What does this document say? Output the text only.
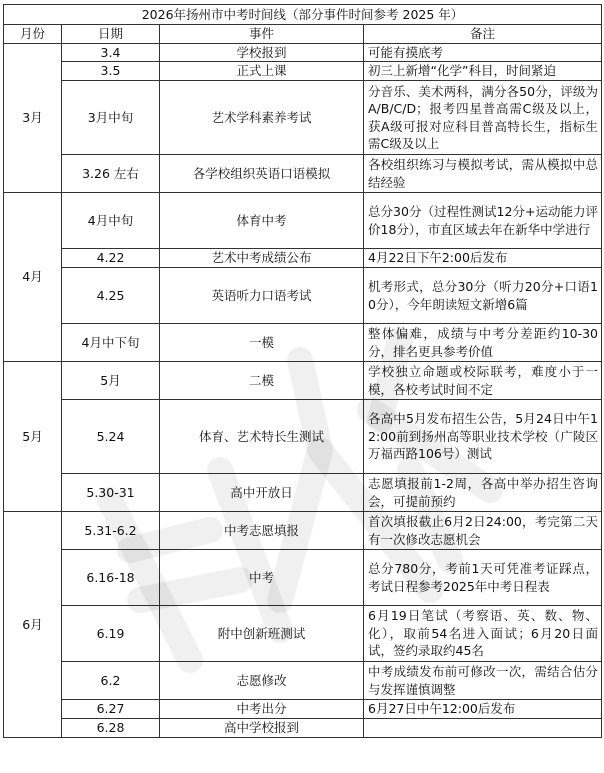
2026年扬州市中考时间线（部分事件时间参考 2025 年）			
月份	日期	事件	备注
3月	3.4	学校报到	可能有摸底考
	3.5	正式上课	初三上新增“化学”科目，时间紧迫
	3月中旬	艺术学科素养考试	分音乐、美术两科，满分各50分，评级为A/B/C/D；报考四星普高需C级及以上，获A级可报对应科目普高特长生，指标生需C级及以上
	3.26 左右	各学校组织英语口语模拟	各校组织练习与模拟考试，需从模拟中总结经验
4月	4月中旬	体育中考	总分30分（过程性测试12分+运动能力评价18分），市直区域去年在新华中学进行
	4.22	艺术中考成绩公布	4月22日下午2:00后发布
	4.25	英语听力口语考试	机考形式，总分30分（听力20分+口语10分），今年朗读短文新增6篇
	4月中下旬	一模	整体偏难，成绩与中考分差距约10-30分，排名更具参考价值
5月	5月	二模	学校独立命题或校际联考，难度小于一模，各校考试时间不定
	5.24	体育、艺术特长生测试	各高中5月发布招生公告，5月24日中午12:00前到扬州高等职业技术学校（广陵区万福西路106号）测试
	5.30-31	高中开放日	志愿填报前1-2周，各高中举办招生咨询会，可提前预约
6月	5.31-6.2	中考志愿填报	首次填报截止6月2日24:00，考完第二天有一次修改志愿机会
	6.16-18	中考	总分780分，考前1天可凭准考证踩点，考试日程参考2025年中考日程表
	6.19	附中创新班测试	6月19日笔试（考察语、英、数、物、化），取前54名进入面试；6月20日面试，签约录取约45名
	6.2	志愿修改	中考成绩发布前可修改一次，需结合估分与发挥谨慎调整
	6.27	中考出分	6月27日中午12:00后发布
	6.28	高中学校报到	
